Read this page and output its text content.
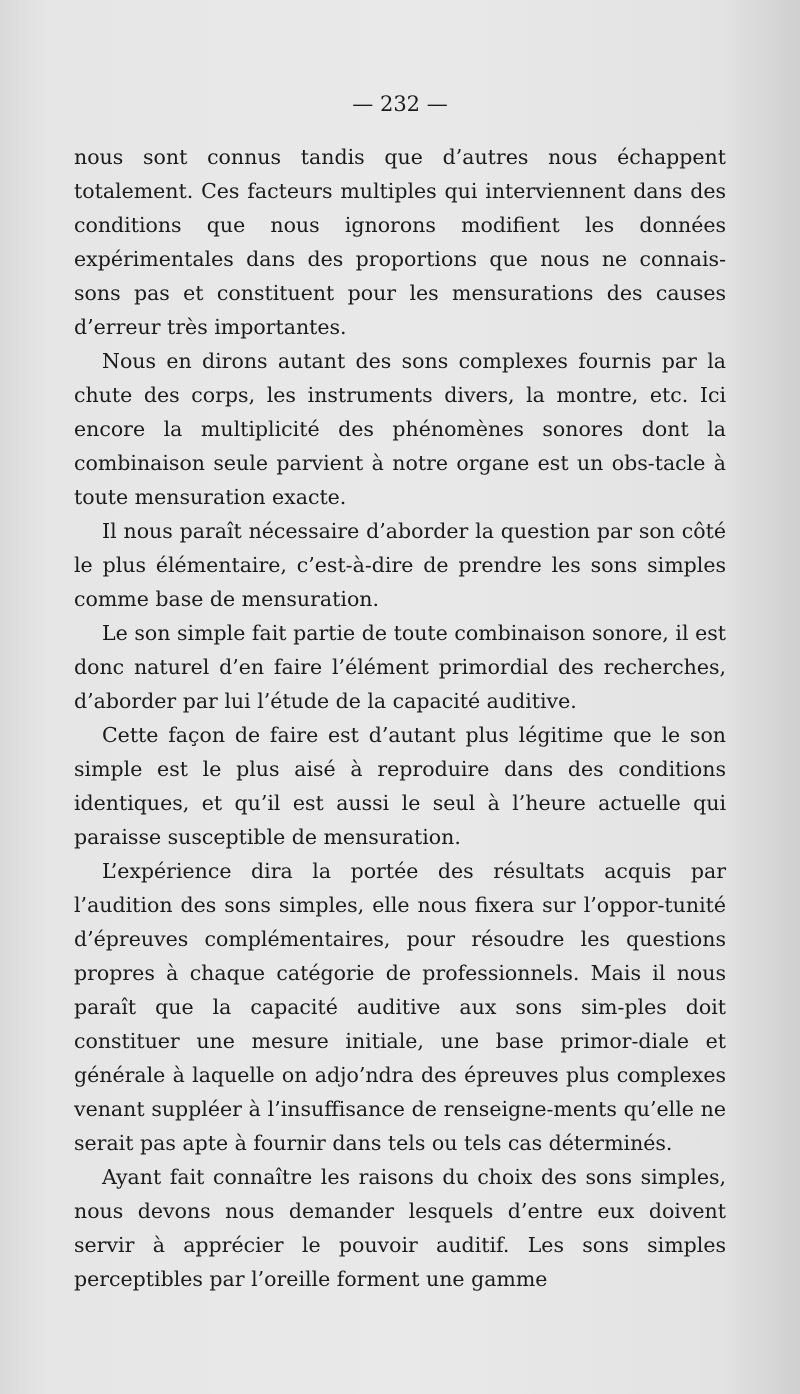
— 232 —

nous sont connus tandis que d’autres nous échappent totalement. Ces facteurs multiples qui interviennent dans des conditions que nous ignorons modifient les données expérimentales dans des proportions que nous ne connais-sons pas et constituent pour les mensurations des causes d’erreur très importantes.

Nous en dirons autant des sons complexes fournis par la chute des corps, les instruments divers, la montre, etc. Ici encore la multiplicité des phénomènes sonores dont la combinaison seule parvient à notre organe est un obs-tacle à toute mensuration exacte.

Il nous paraît nécessaire d’aborder la question par son côté le plus élémentaire, c’est-à-dire de prendre les sons simples comme base de mensuration.

Le son simple fait partie de toute combinaison sonore, il est donc naturel d’en faire l’élément primordial des recherches, d’aborder par lui l’étude de la capacité auditive.

Cette façon de faire est d’autant plus légitime que le son simple est le plus aisé à reproduire dans des conditions identiques, et qu’il est aussi le seul à l’heure actuelle qui paraisse susceptible de mensuration.

L’expérience dira la portée des résultats acquis par l’audition des sons simples, elle nous fixera sur l’oppor-tunité d’épreuves complémentaires, pour résoudre les questions propres à chaque catégorie de professionnels. Mais il nous paraît que la capacité auditive aux sons sim-ples doit constituer une mesure initiale, une base primor-diale et générale à laquelle on adjo’ndra des épreuves plus complexes venant suppléer à l’insuffisance de renseigne-ments qu’elle ne serait pas apte à fournir dans tels ou tels cas déterminés.

Ayant fait connaître les raisons du choix des sons simples, nous devons nous demander lesquels d’entre eux doivent servir à apprécier le pouvoir auditif. Les sons simples perceptibles par l’oreille forment une gamme
